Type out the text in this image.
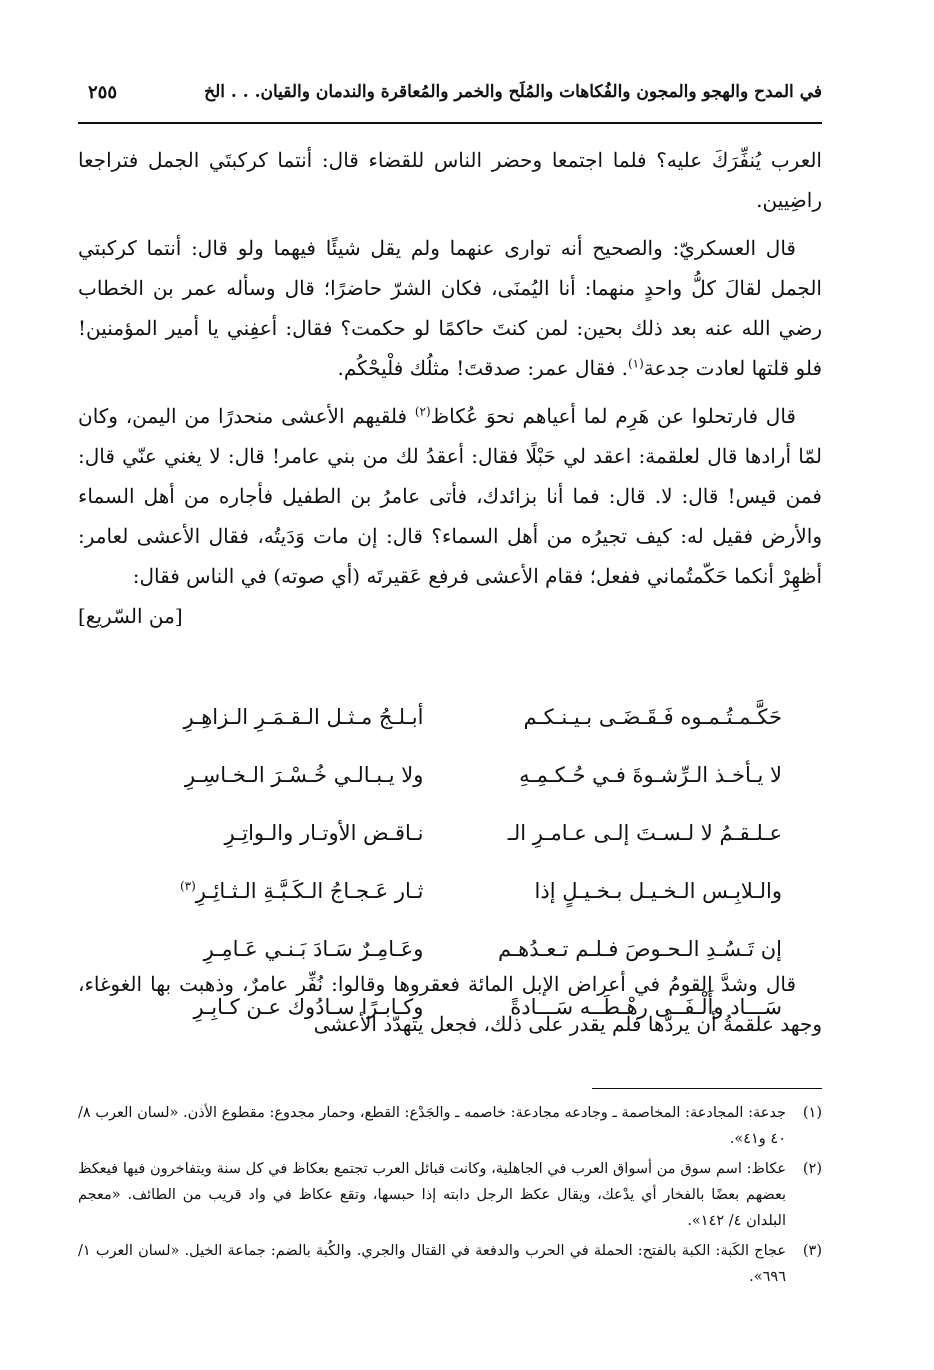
في المدح والهجو والمجون والفُكاهات والمُلَح والخمر والمُعاقرة والندمان والقيان. . . الخ
٢٥٥

العرب يُنفِّرَكَ عليه؟ فلما اجتمعا وحضر الناس للقضاء قال: أنتما كركبتَي الجمل فتراجعا راضِيين.

قال العسكريّ: والصحيح أنه توارى عنهما ولم يقل شيئًا فيهما ولو قال: أنتما كركبتي الجمل لقالَ كلُّ واحدٍ منهما: أنا اليُمنَى، فكان الشرّ حاضرًا؛ قال وسأله عمر بن الخطاب رضي الله عنه بعد ذلك بحين: لمن كنتَ حاكمًا لو حكمت؟ فقال: أعفِني يا أمير المؤمنين! فلو قلتها لعادت جدعة$^{(١)}$. فقال عمر: صدقتَ! مثلُك فلْيحْكُم.

قال فارتحلوا عن هَرِم لما أعياهم نحوَ عُكاظ$^{(٢)}$ فلقيهم الأعشى منحدرًا من اليمن، وكان لمّا أرادها قال لعلقمة: اعقد لي حَبْلًا فقال: أعقدُ لك من بني عامر! قال: لا يغني عنّي قال: فمن قيس! قال: لا. قال: فما أنا بزائدك، فأتى عامرُ بن الطفيل فأجاره من أهل السماء والأرض فقيل له: كيف تجيرُه من أهل السماء؟ قال: إن مات وَدَيتُه، فقال الأعشى لعامر: أظهِرْ أنكما حَكّمتُماني ففعل؛ فقام الأعشى فرفع عَقيرتَه (أي صوته) في الناس فقال:
[من السّريع]

حَكَّـمـتُـمـوه فَـقَـضَـى بـيـنـكـم
أبـلـجُ مـثـل الـقـمَـرِ الـزاهِـرِ
لا يـأخـذ الـرِّشـوةَ فـي حُـكـمِـهِ
ولا يـبـالـي خُـسْـرَ الـخـاسِـرِ
عـلـقـمُ لا لـسـتَ إلـى عـامـرِ الـ
نـاقـض الأوتـار والـواتِـرِ
والـلابِـس الـخـيـل بـخـيـلٍ إذا
ثـار عَـجـاجُ الـكَـبَّـةِ الـثـائِـرِ$^{(٣)}$
إن تَـسُـدِ الـحـوصَ فـلـم تـعـدُهـم
وعَـامِـرٌ سَـادَ بَـنـي عَـامِـرِ
سَـــاد وأَلْـفَــى رهْـطَــه سَـــادةً
وكـابـرًا سـادُوك عـن كـابِـرِ

قال وشدَّ القومُ في أعراض الإبل المائة فعقروها وقالوا: نُفِّر عامرٌ، وذهبت بها الغوغاء، وجهد علقمةُ أن يردَّها فلم يقدر على ذلك، فجعل يتهدّد الأعشى

(١)
جدعة: المجادعة: المخاصمة ـ وجادعه مجادعة: خاصمه ـ والجَدْع: القطع، وحمار مجدوع: مقطوع الأذن. «لسان العرب ٨/ ٤٠ و٤١».
(٢)
عكاظ: اسم سوق من أسواق العرب في الجاهلية، وكانت قبائل العرب تجتمع بعكاظ في كل سنة ويتفاخرون فيها فيعكظ بعضهم بعضًا بالفخار أي يدْعك، ويقال عكظ الرجل دابته إذا حبسها، وتقع عكاظ في واد قريب من الطائف. «معجم البلدان ٤/ ١٤٢».
(٣)
عجاج الكَبة: الكبة بالفتح: الحملة في الحرب والدفعة في القتال والجري. والكُبة بالضم: جماعة الخيل. «لسان العرب ١/ ٦٩٦».
